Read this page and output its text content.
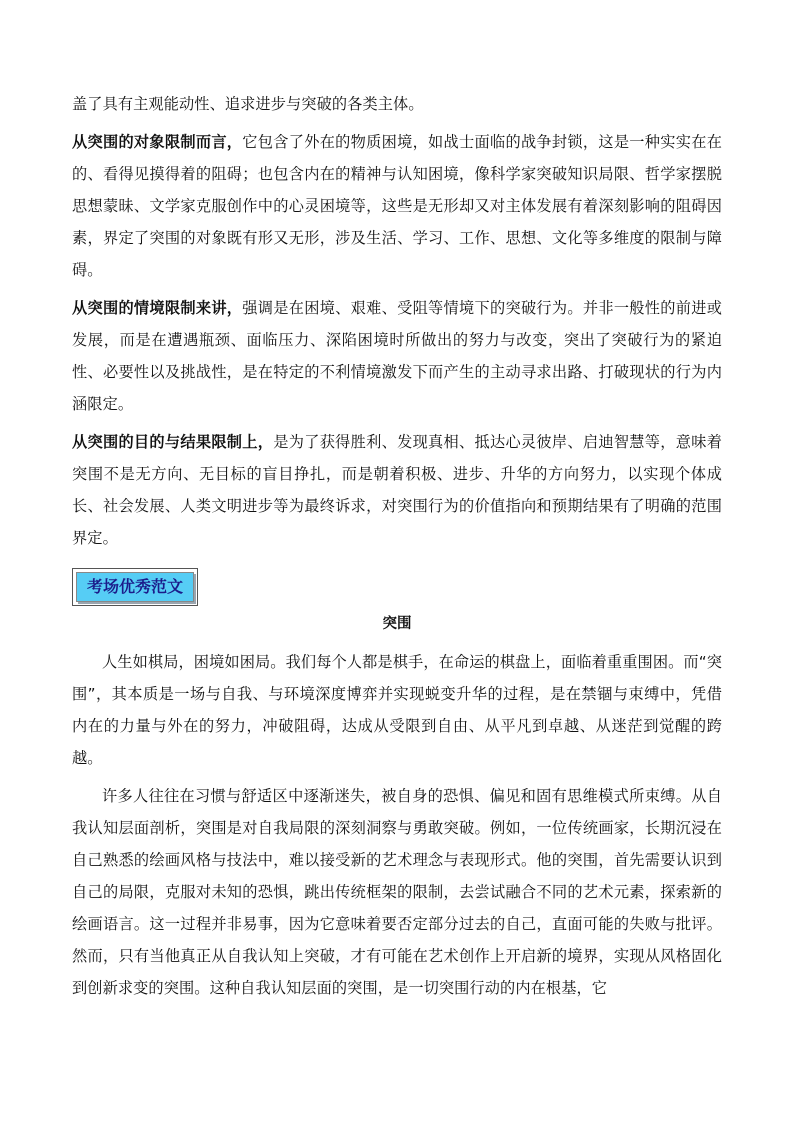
盖了具有主观能动性、追求进步与突破的各类主体。

从突围的对象限制而言，它包含了外在的物质困境，如战士面临的战争封锁，这是一种实实在在的、看得见摸得着的阻碍；也包含内在的精神与认知困境，像科学家突破知识局限、哲学家摆脱思想蒙昧、文学家克服创作中的心灵困境等，这些是无形却又对主体发展有着深刻影响的阻碍因素，界定了突围的对象既有形又无形，涉及生活、学习、工作、思想、文化等多维度的限制与障碍。

从突围的情境限制来讲，强调是在困境、艰难、受阻等情境下的突破行为。并非一般性的前进或发展，而是在遭遇瓶颈、面临压力、深陷困境时所做出的努力与改变，突出了突破行为的紧迫性、必要性以及挑战性，是在特定的不利情境激发下而产生的主动寻求出路、打破现状的行为内涵限定。

从突围的目的与结果限制上，是为了获得胜利、发现真相、抵达心灵彼岸、启迪智慧等，意味着突围不是无方向、无目标的盲目挣扎，而是朝着积极、进步、升华的方向努力，以实现个体成长、社会发展、人类文明进步等为最终诉求，对突围行为的价值指向和预期结果有了明确的范围界定。

考场优秀范文
突围

人生如棋局，困境如困局。我们每个人都是棋手，在命运的棋盘上，面临着重重围困。而“突围”，其本质是一场与自我、与环境深度博弈并实现蜕变升华的过程，是在禁锢与束缚中，凭借内在的力量与外在的努力，冲破阻碍，达成从受限到自由、从平凡到卓越、从迷茫到觉醒的跨越。

许多人往往在习惯与舒适区中逐渐迷失，被自身的恐惧、偏见和固有思维模式所束缚。从自我认知层面剖析，突围是对自我局限的深刻洞察与勇敢突破。例如，一位传统画家，长期沉浸在自己熟悉的绘画风格与技法中，难以接受新的艺术理念与表现形式。他的突围，首先需要认识到自己的局限，克服对未知的恐惧，跳出传统框架的限制，去尝试融合不同的艺术元素，探索新的绘画语言。这一过程并非易事，因为它意味着要否定部分过去的自己，直面可能的失败与批评。然而，只有当他真正从自我认知上突破，才有可能在艺术创作上开启新的境界，实现从风格固化到创新求变的突围。这种自我认知层面的突围，是一切突围行动的内在根基，它
